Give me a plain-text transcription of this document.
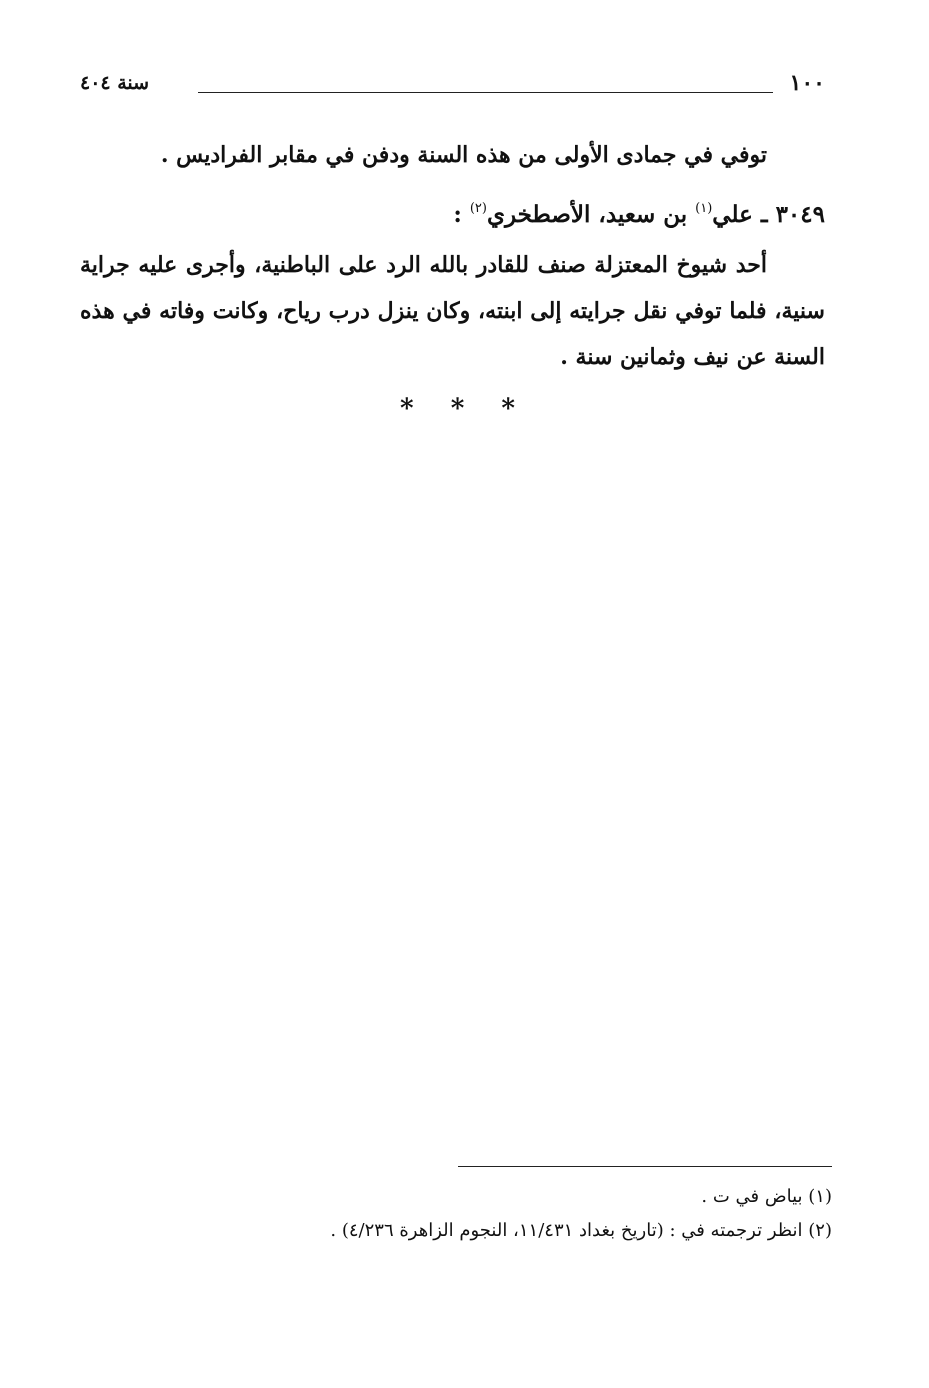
١٠٠
سنة ٤٠٤
توفي في جمادى الأولى من هذه السنة ودفن في مقابر الفراديس .
٣٠٤٩ ـ علي$^{(١)}$ بن سعيد، الأصطخري$^{(٢)}$ :
أحد شيوخ المعتزلة صنف للقادر بالله الرد على الباطنية، وأجرى عليه جراية سنية، فلما توفي نقل جرايته إلى ابنته، وكان ينزل درب رياح، وكانت وفاته في هذه السنة عن نيف وثمانين سنة .
* * *
(١) بياض في ت .
(٢) انظر ترجمته في : (تاريخ بغداد ١١/٤٣١، النجوم الزاهرة ٤/٢٣٦) .
